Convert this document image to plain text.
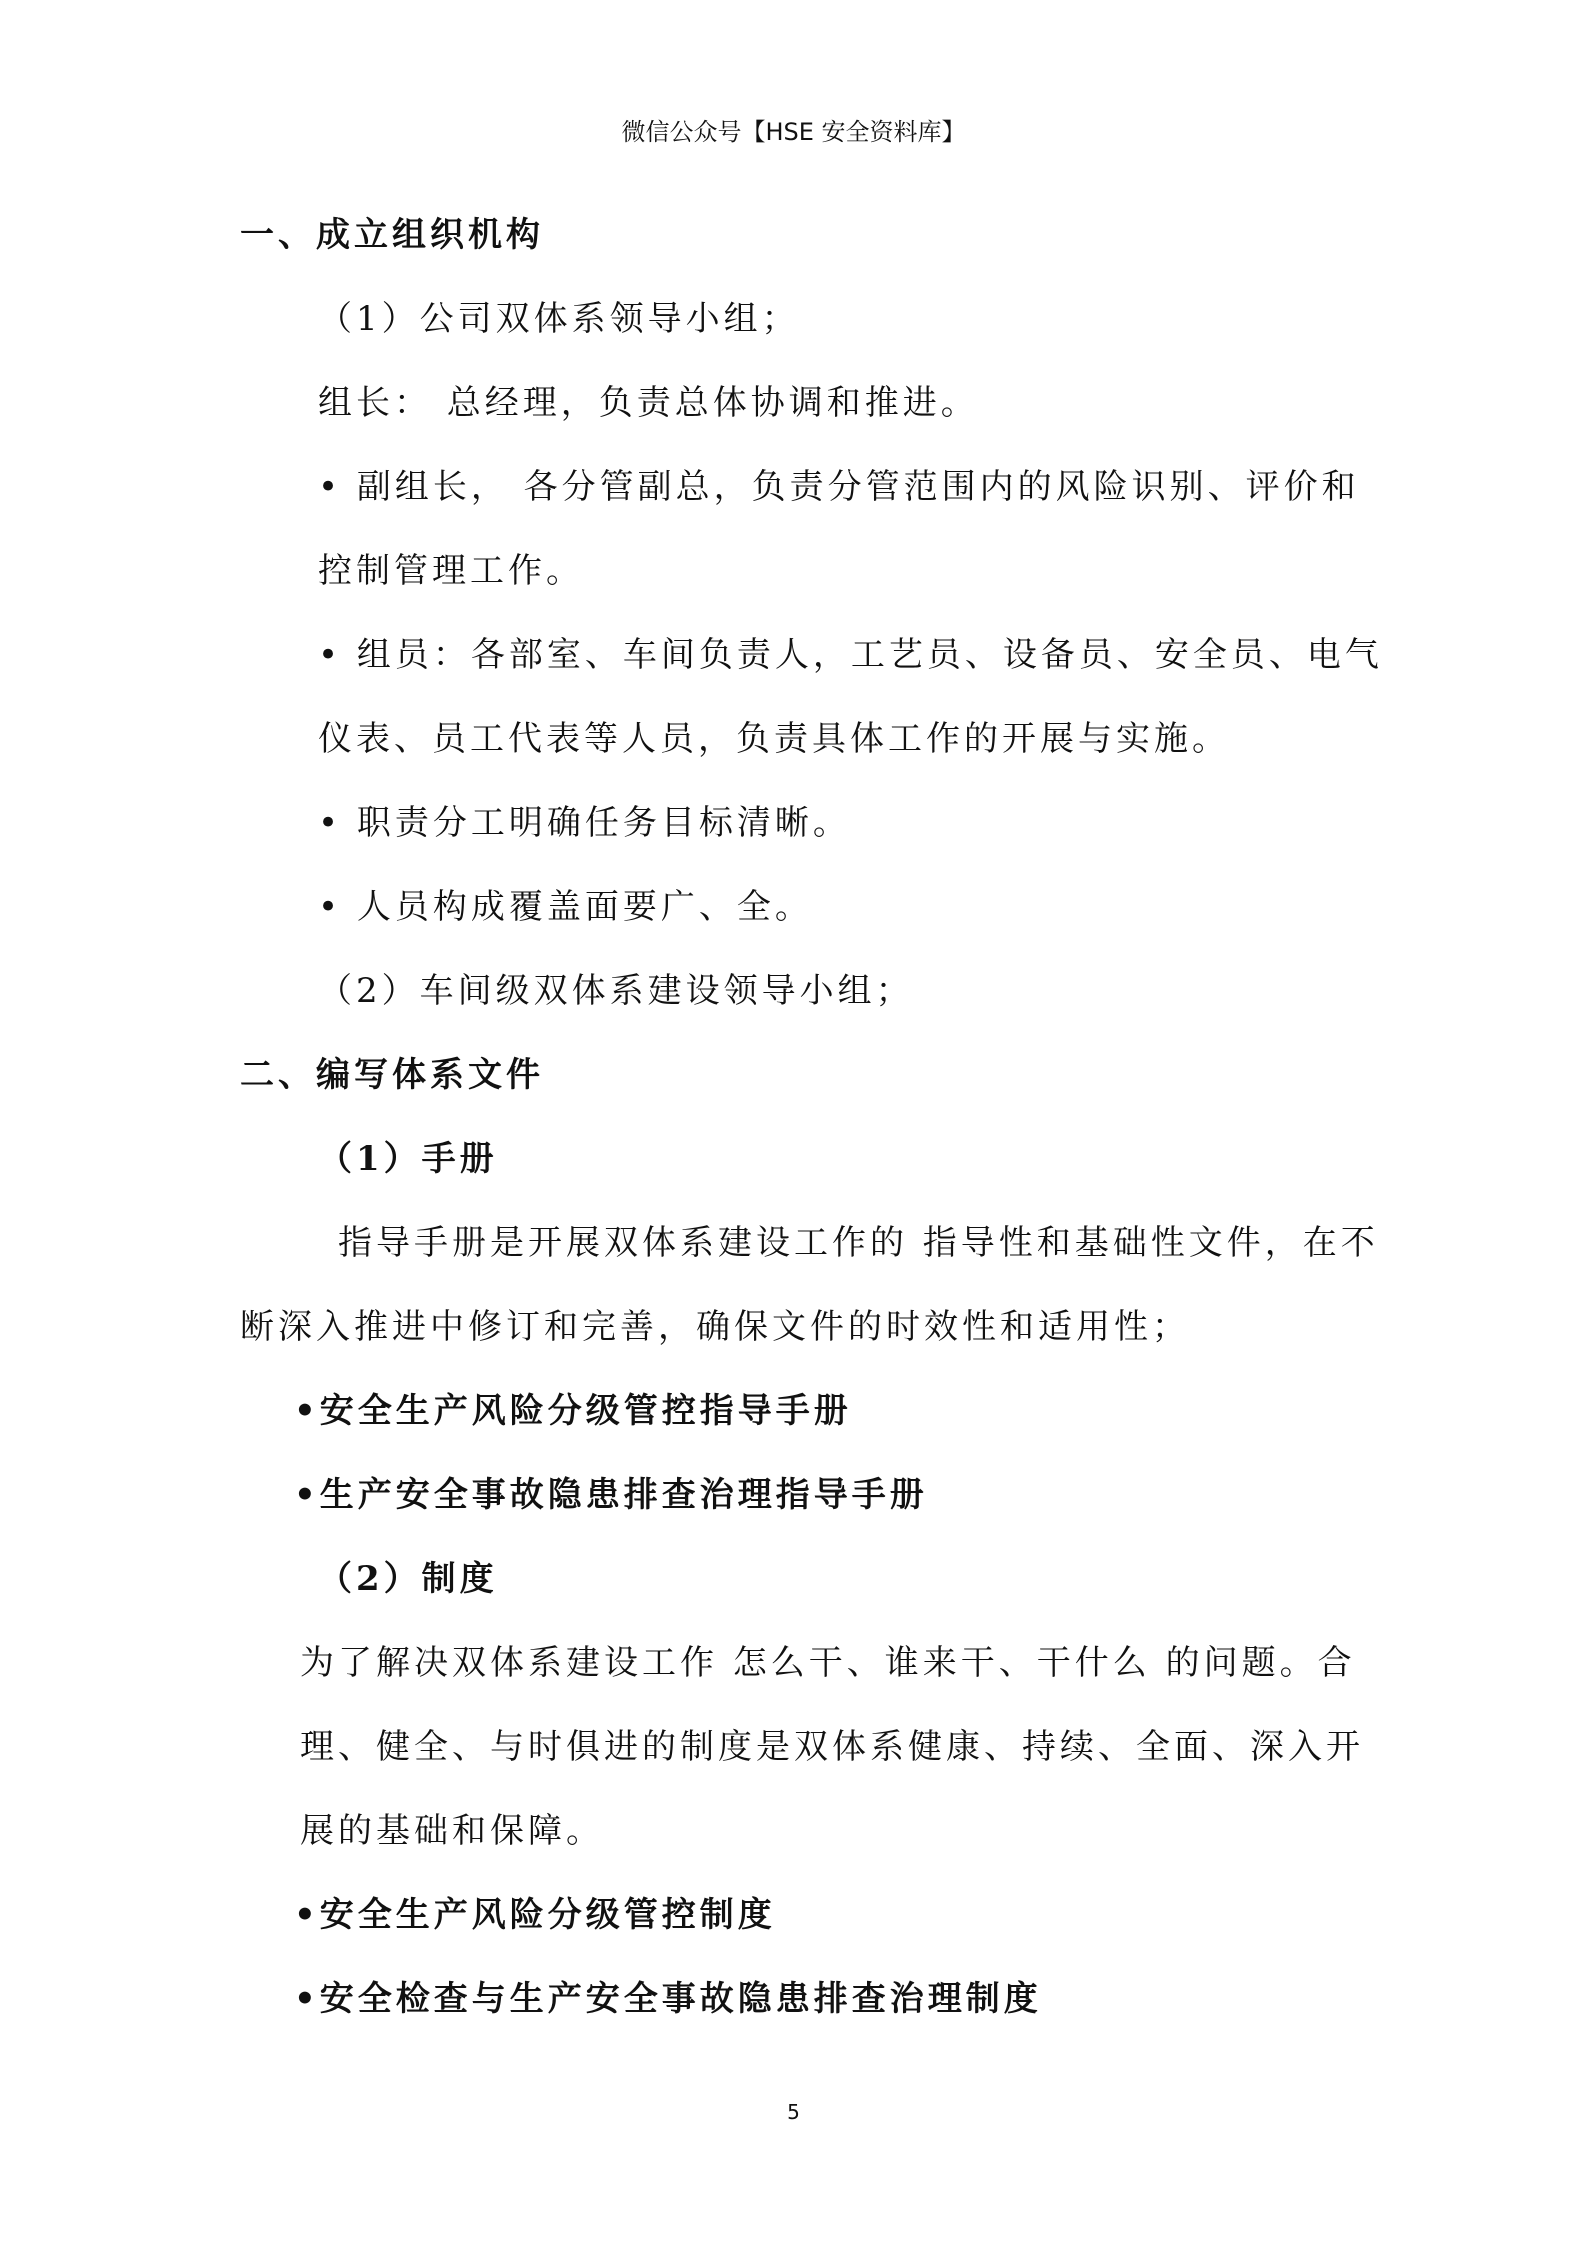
微信公众号【HSE 安全资料库】
一、成立组织机构
（1）公司双体系领导小组；
组长： 总经理，负责总体协调和推进。
• 副组长， 各分管副总，负责分管范围内的风险识别、评价和
控制管理工作。
• 组员：各部室、车间负责人，工艺员、设备员、安全员、电气
仪表、员工代表等人员，负责具体工作的开展与实施。
• 职责分工明确任务目标清晰。
• 人员构成覆盖面要广、全。
（2）车间级双体系建设领导小组；
二、编写体系文件
（1）手册
指导手册是开展双体系建设工作的 指导性和基础性文件，在不
断深入推进中修订和完善，确保文件的时效性和适用性；
•安全生产风险分级管控指导手册
•生产安全事故隐患排查治理指导手册
（2）制度
为了解决双体系建设工作 怎么干、谁来干、干什么 的问题。合
理、健全、与时俱进的制度是双体系健康、持续、全面、深入开
展的基础和保障。
•安全生产风险分级管控制度
•安全检查与生产安全事故隐患排查治理制度
5
